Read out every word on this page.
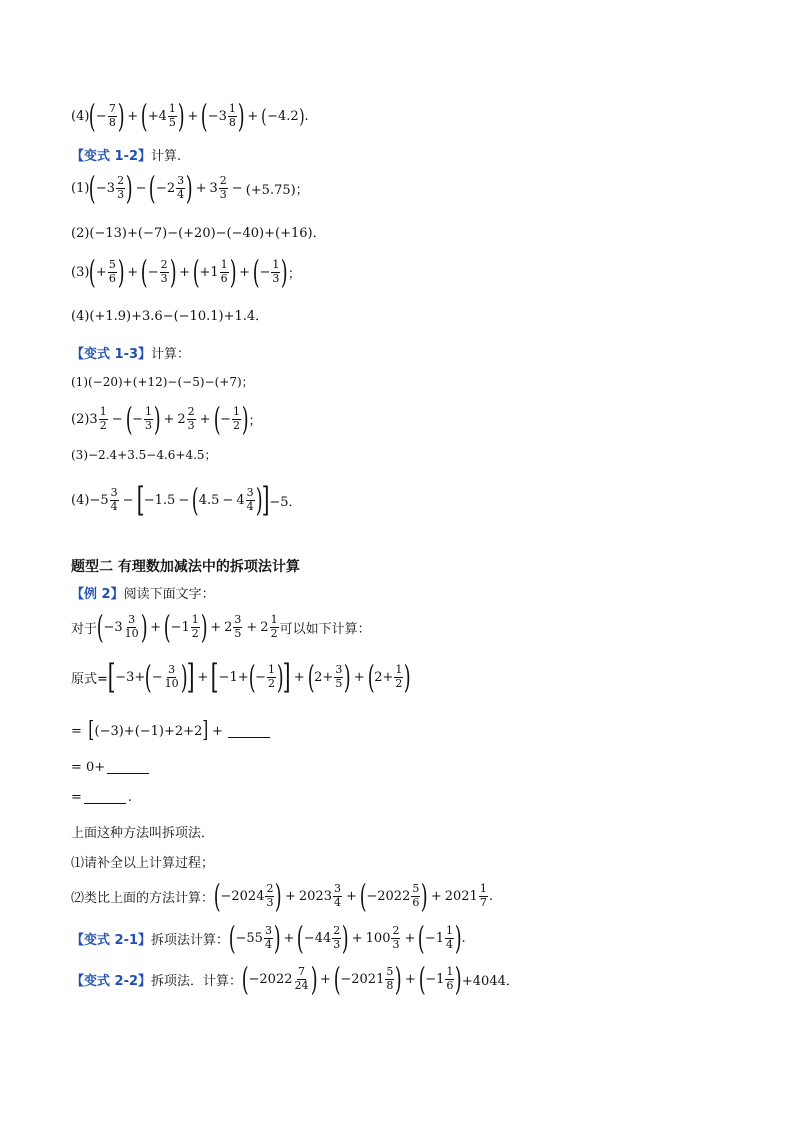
(4) ( − $\frac{7}{8}$ ) + ( $+4 \frac{1}{5}$ ) + ( $-3 \frac{1}{8}$ ) + ( −4.2 ) .
【变式 1-2】 计算.
(1) ( $-3 \frac{2}{3}$ ) − ( $-2 \frac{3}{4}$ ) + $3 \frac{2}{3} - (+5.75)$；
(2)(−13)+(−7)−(+20)−(−40)+(+16)．
(3) ( + $\frac{5}{6}$ ) + ( − $\frac{2}{3}$ ) + ( $+1 \frac{1}{6}$ ) + ( − $\frac{1}{3}$ ) ；
(4)(+1.9)+3.6−(−10.1)+1.4．
【变式 1-3】 计算：
(1)(−20)+(+12)−(−5)−(+7)；
(2) $3 \frac{1}{2}$ − ( − $\frac{1}{3}$ ) + $2 \frac{2}{3}$ + ( − $\frac{1}{2}$ ) ；
(3)−2.4+3.5−4.6+4.5；
$(4) -5 \frac{3}{4}$ − [ −1.5 − ( $4.5 - 4 \frac{3}{4}$ ) ] −5．
题型二 有理数加减法中的拆项法计算
【例 2】 阅读下面文字：
对于 ( $-3 \frac{3}{10}$ ) + ( $-1 \frac{1}{2}$ ) + $2 \frac{3}{5} + 2 \frac{1}{2}$ 可以如下计算：
原式= [ −3+ ( − $\frac{3}{10}$ ) ] + [ −1+ ( − $\frac{1}{2}$ ) ] + ( $2+ \frac{3}{5}$ ) + ( $2+ \frac{1}{2}$ )
= [ (−3)+(−1)+2+2 ] +
= 0+
=	.
上面这种方法叫拆项法．
⑴请补全以上计算过程；
⑵类比上面的方法计算： ( $-2024 \frac{2}{3}$ ) + $2023 \frac{3}{4}$ + ( $-2022 \frac{5}{6}$ ) + $2021 \frac{1}{7}$ .
【变式 2-1】 拆项法计算： ( $-55 \frac{3}{4}$ ) + ( $-44 \frac{2}{3}$ ) + $100 \frac{2}{3}$ + ( $-1 \frac{1}{4}$ ) .
【变式 2-2】 拆项法．计算： ( $-2022 \frac{7}{24}$ ) + ( $-2021 \frac{5}{8}$ ) + ( $-1 \frac{1}{6}$ ) +4044．
